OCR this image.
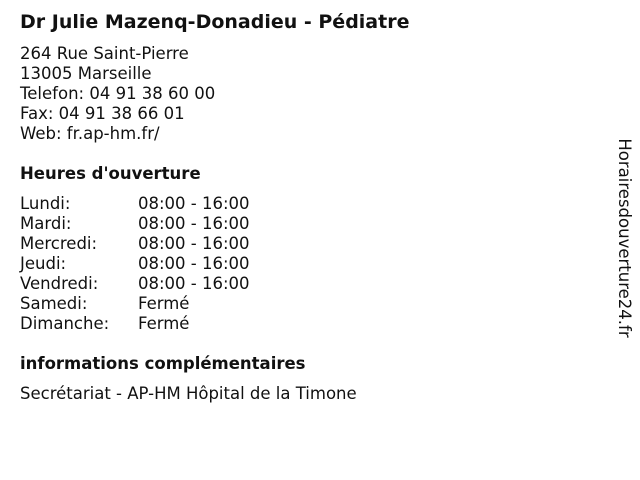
Dr Julie Mazenq-Donadieu - Pédiatre
264 Rue Saint-Pierre
13005 Marseille
Telefon: 04 91 38 60 00
Fax: 04 91 38 66 01
Web: fr.ap-hm.fr/
Heures d'ouverture
Lundi:	08:00 - 16:00
Mardi:	08:00 - 16:00
Mercredi: 08:00 - 16:00
Jeudi:	08:00 - 16:00
Vendredi: 08:00 - 16:00
Samedi:	Fermé
Dimanche: Fermé
informations complémentaires
Secrétariat - AP-HM Hôpital de la Timone
Horairesdouverture24.fr
